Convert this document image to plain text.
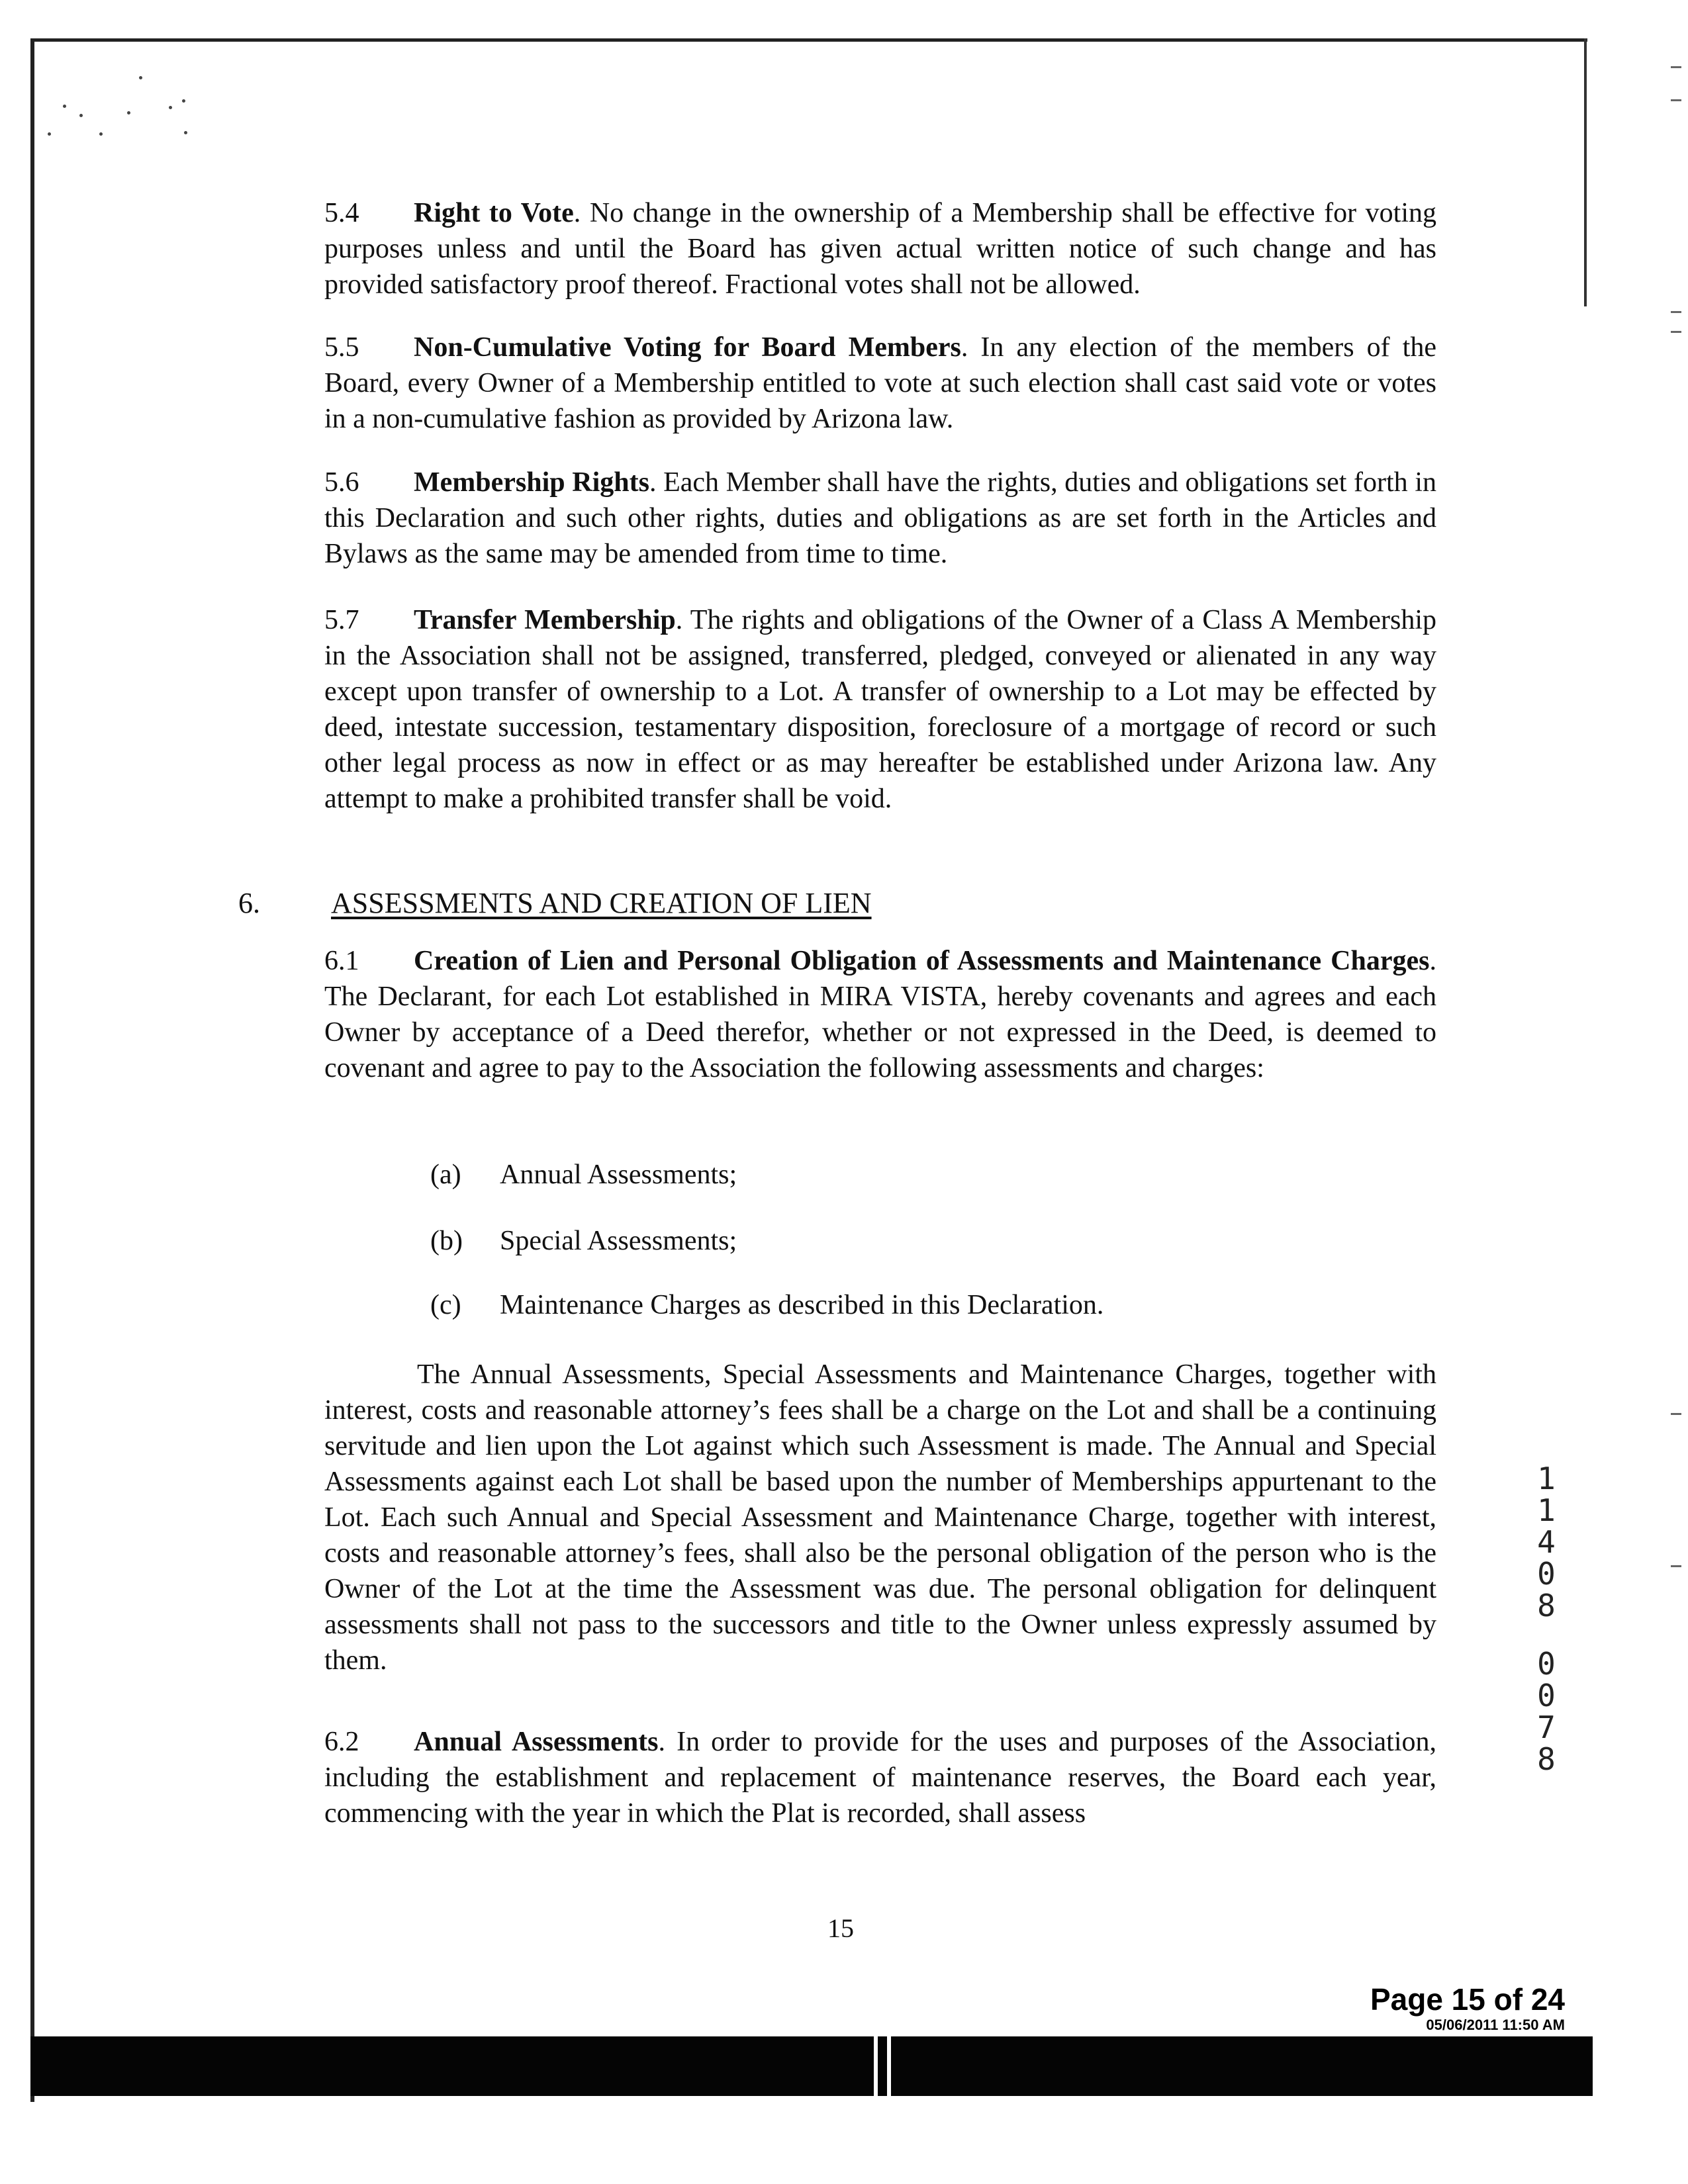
5.4 Right to Vote. No change in the ownership of a Membership shall be effective for voting purposes unless and until the Board has given actual written notice of such change and has provided satisfactory proof thereof. Fractional votes shall not be allowed.

5.5 Non-Cumulative Voting for Board Members. In any election of the members of the Board, every Owner of a Membership entitled to vote at such election shall cast said vote or votes in a non-cumulative fashion as provided by Arizona law.

5.6 Membership Rights. Each Member shall have the rights, duties and obligations set forth in this Declaration and such other rights, duties and obligations as are set forth in the Articles and Bylaws as the same may be amended from time to time.

5.7 Transfer Membership. The rights and obligations of the Owner of a Class A Membership in the Association shall not be assigned, transferred, pledged, conveyed or alienated in any way except upon transfer of ownership to a Lot. A transfer of ownership to a Lot may be effected by deed, intestate succession, testamentary disposition, foreclosure of a mortgage of record or such other legal process as now in effect or as may hereafter be established under Arizona law. Any attempt to make a prohibited transfer shall be void.

6.1 Creation of Lien and Personal Obligation of Assessments and Maintenance Charges. The Declarant, for each Lot established in MIRA VISTA, hereby covenants and agrees and each Owner by acceptance of a Deed therefor, whether or not expressed in the Deed, is deemed to covenant and agree to pay to the Association the following assessments and charges:

The Annual Assessments, Special Assessments and Maintenance Charges, together with interest, costs and reasonable attorney’s fees shall be a charge on the Lot and shall be a continuing servitude and lien upon the Lot against which such Assessment is made. The Annual and Special Assessments against each Lot shall be based upon the number of Memberships appurtenant to the Lot. Each such Annual and Special Assessment and Maintenance Charge, together with interest, costs and reasonable attorney’s fees, shall also be the personal obligation of the person who is the Owner of the Lot at the time the Assessment was due. The personal obligation for delinquent assessments shall not pass to the successors and title to the Owner unless expressly assumed by them.

6.2 Annual Assessments. In order to provide for the uses and purposes of the Association, including the establishment and replacement of maintenance reserves, the Board each year, commencing with the year in which the Plat is recorded, shall assess

6. ASSESSMENTS AND CREATION OF LIEN
(a) Annual Assessments;
(b) Special Assessments;
(c) Maintenance Charges as described in this Declaration.
1
1
4
0
8
0
0
7
8
15
Page 15 of 24
05/06/2011 11:50 AM
